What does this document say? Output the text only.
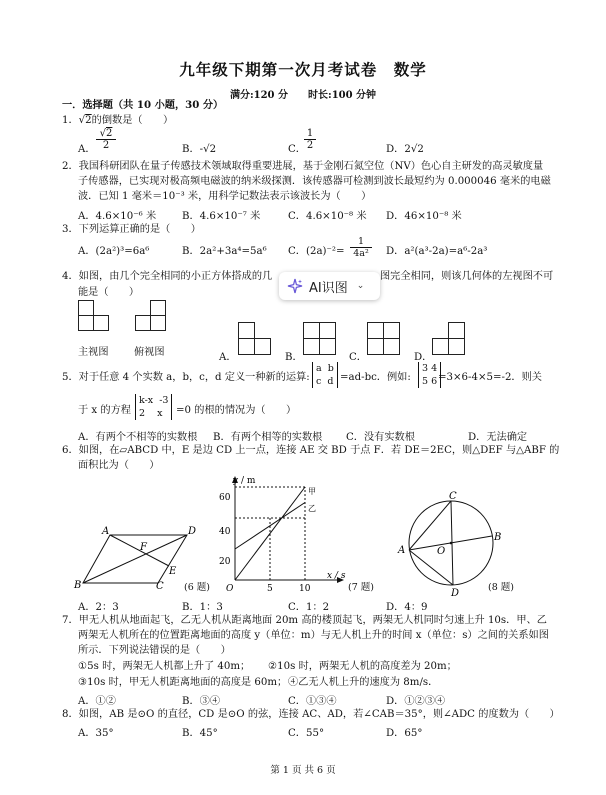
九年级下期第一次月考试卷　数学
满分:120 分　　时长:100 分钟
一．选择题（共 10 小题，30 分）
1．√2的倒数是（　　）
A． $\frac{√2}{2}$	B．-√2	C．
$\frac{1}{2}$	D．2√2
2．我国科研团队在量子传感技术领域取得重要进展，基于金刚石氮空位（NV）色心自主研发的高灵敏度量
子传感器，已实现对极高频电磁波的纳米级探测．该传感器可检测到波长最短约为 0.000046 毫米的电磁
波．已知 1 毫米＝10⁻³ 米，用科学记数法表示该波长为（　　）
A．4.6×10⁻⁶ 米	B．4.6×10⁻⁷ 米	C．4.6×10⁻⁸ 米 D．46×10⁻⁸ 米
3．下列运算正确的是（　　）
A．(2a²)³=6a⁶	B．2a²+3a⁴=5a⁶ C．$(2a)^{-2}= \frac{1}{\text{4a²}}$ D．a²(a³-2a)=a⁶-2a³
4．如图，由几个完全相同的小正方体搭成的几	图完全相同，则该几何体的左视图不可
能是（　　）	AI识图 ⌄
主视图 俯视图	A．	B．	C．	D．
5．对于任意 4 个实数 a，b，c，d 定义一种新的运算:
a b
c d =ad-bc．例如:
3 4
5 6 =3×6-4×5=-2．则关
于 x 的方程
k-x -3
2 x	=0 的根的情况为（　　）
A．有两个不相等的实数根 B．有两个相等的实数根 C．没有实数根	D．无法确定
6．如图，在▱ABCD 中，E 是边 CD 上一点，连接 AE 交 BD 于点 F．若 DE＝2EC，则△DEF 与△ABF 的
面积比为（　　）
A	D
F
B	C
E
(6 题)
y / m
x / s
60
40
20
O	5	10
甲
乙
(7 题)
C
A	O
B
D
(8 题)
A．2：3	B．1：3	C．1：2	D．4：9
7．甲无人机从地面起飞，乙无人机从距离地面 20m 高的楼顶起飞，两架无人机同时匀速上升 10s．甲、乙
两架无人机所在的位置距离地面的高度 y（单位：m）与无人机上升的时间 x（单位：s）之间的关系如图
所示．下列说法错误的是（　　）
①5s 时，两架无人机都上升了 40m； ②10s 时，两架无人机的高度差为 20m；
③10s 时，甲无人机距离地面的高度是 60m； ④乙无人机上升的速度为 8m/s．
A．①②	B．③④	C．①③④	D．①②③④
8．如图，AB 是⊙O 的直径，CD 是⊙O 的弦，连接 AC、AD，若∠CAB＝35°，则∠ADC 的度数为（　　）
A．35°	B．45°	C．55°	D．65°
第 1 页 共 6 页
